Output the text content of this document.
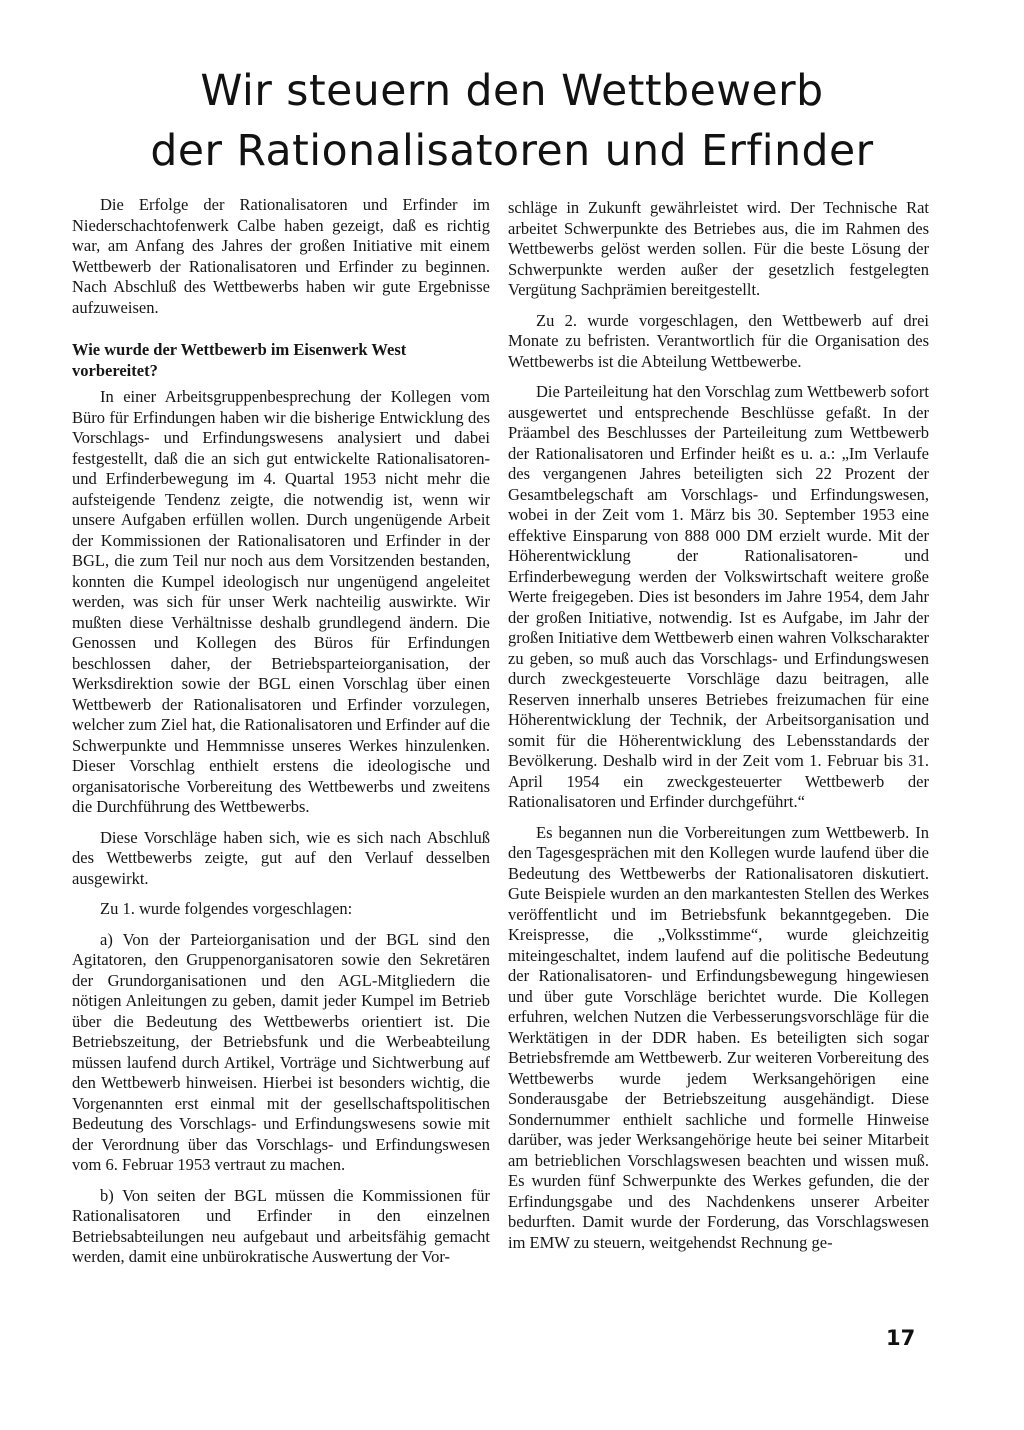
Wir steuern den Wettbewerb
der Rationalisatoren und Erfinder

Die Erfolge der Rationalisatoren und Erfinder im Niederschachtofenwerk Calbe haben gezeigt, daß es richtig war, am Anfang des Jahres der großen Initiative mit einem Wettbewerb der Rationalisatoren und Erfinder zu beginnen. Nach Abschluß des Wettbewerbs haben wir gute Ergebnisse aufzuweisen.

Wie wurde der Wettbewerb im Eisenwerk West vorbereitet?

In einer Arbeitsgruppenbesprechung der Kollegen vom Büro für Erfindungen haben wir die bisherige Entwicklung des Vorschlags- und Erfindungswesens analysiert und dabei festgestellt, daß die an sich gut entwickelte Rationalisatoren- und Erfinderbewegung im 4. Quartal 1953 nicht mehr die aufsteigende Tendenz zeigte, die notwendig ist, wenn wir unsere Aufgaben erfüllen wollen. Durch ungenügende Arbeit der Kommissionen der Rationalisatoren und Erfinder in der BGL, die zum Teil nur noch aus dem Vorsitzenden bestanden, konnten die Kumpel ideologisch nur ungenügend angeleitet werden, was sich für unser Werk nachteilig auswirkte. Wir mußten diese Verhältnisse deshalb grundlegend ändern. Die Genossen und Kollegen des Büros für Erfindungen beschlossen daher, der Betriebsparteiorganisation, der Werksdirektion sowie der BGL einen Vorschlag über einen Wettbewerb der Rationalisatoren und Erfinder vorzulegen, welcher zum Ziel hat, die Rationalisatoren und Erfinder auf die Schwerpunkte und Hemmnisse unseres Werkes hinzulenken. Dieser Vorschlag enthielt erstens die ideologische und organisatorische Vorbereitung des Wettbewerbs und zweitens die Durchführung des Wettbewerbs.

Diese Vorschläge haben sich, wie es sich nach Abschluß des Wettbewerbs zeigte, gut auf den Verlauf desselben ausgewirkt.

Zu 1. wurde folgendes vorgeschlagen:

a) Von der Parteiorganisation und der BGL sind den Agitatoren, den Gruppenorganisatoren sowie den Sekretären der Grundorganisationen und den AGL-Mitgliedern die nötigen Anleitungen zu geben, damit jeder Kumpel im Betrieb über die Bedeutung des Wettbewerbs orientiert ist. Die Betriebszeitung, der Betriebsfunk und die Werbeabteilung müssen laufend durch Artikel, Vorträge und Sichtwerbung auf den Wettbewerb hinweisen. Hierbei ist besonders wichtig, die Vorgenannten erst einmal mit der gesellschaftspolitischen Bedeutung des Vorschlags- und Erfindungswesens sowie mit der Verordnung über das Vorschlags- und Erfindungswesen vom 6. Februar 1953 vertraut zu machen.

b) Von seiten der BGL müssen die Kommissionen für Rationalisatoren und Erfinder in den einzelnen Betriebsabteilungen neu aufgebaut und arbeitsfähig gemacht werden, damit eine unbürokratische Auswertung der Vor-

schläge in Zukunft gewährleistet wird. Der Technische Rat arbeitet Schwerpunkte des Betriebes aus, die im Rahmen des Wettbewerbs gelöst werden sollen. Für die beste Lösung der Schwerpunkte werden außer der gesetzlich festgelegten Vergütung Sachprämien bereitgestellt.

Zu 2. wurde vorgeschlagen, den Wettbewerb auf drei Monate zu befristen. Verantwortlich für die Organisation des Wettbewerbs ist die Abteilung Wettbewerbe.

Die Parteileitung hat den Vorschlag zum Wettbewerb sofort ausgewertet und entsprechende Beschlüsse gefaßt. In der Präambel des Beschlusses der Parteileitung zum Wettbewerb der Rationalisatoren und Erfinder heißt es u. a.: „Im Verlaufe des vergangenen Jahres beteiligten sich 22 Prozent der Gesamtbelegschaft am Vorschlags- und Erfindungswesen, wobei in der Zeit vom 1. März bis 30. September 1953 eine effektive Einsparung von 888 000 DM erzielt wurde. Mit der Höherentwicklung der Rationalisatoren- und Erfinderbewegung werden der Volkswirtschaft weitere große Werte freigegeben. Dies ist besonders im Jahre 1954, dem Jahr der großen Initiative, notwendig. Ist es Aufgabe, im Jahr der großen Initiative dem Wettbewerb einen wahren Volkscharakter zu geben, so muß auch das Vorschlags- und Erfindungswesen durch zweckgesteuerte Vorschläge dazu beitragen, alle Reserven innerhalb unseres Betriebes freizumachen für eine Höherentwicklung der Technik, der Arbeitsorganisation und somit für die Höherentwicklung des Lebensstandards der Bevölkerung. Deshalb wird in der Zeit vom 1. Februar bis 31. April 1954 ein zweckgesteuerter Wettbewerb der Rationalisatoren und Erfinder durchgeführt.“

Es begannen nun die Vorbereitungen zum Wettbewerb. In den Tagesgesprächen mit den Kollegen wurde laufend über die Bedeutung des Wettbewerbs der Rationalisatoren diskutiert. Gute Beispiele wurden an den markantesten Stellen des Werkes veröffentlicht und im Betriebsfunk bekanntgegeben. Die Kreispresse, die „Volksstimme“, wurde gleichzeitig miteingeschaltet, indem laufend auf die politische Bedeutung der Rationalisatoren- und Erfindungsbewegung hingewiesen und über gute Vorschläge berichtet wurde. Die Kollegen erfuhren, welchen Nutzen die Verbesserungsvorschläge für die Werktätigen in der DDR haben. Es beteiligten sich sogar Betriebsfremde am Wettbewerb. Zur weiteren Vorbereitung des Wettbewerbs wurde jedem Werksangehörigen eine Sonderausgabe der Betriebszeitung ausgehändigt. Diese Sondernummer enthielt sachliche und formelle Hinweise darüber, was jeder Werksangehörige heute bei seiner Mitarbeit am betrieblichen Vorschlagswesen beachten und wissen muß. Es wurden fünf Schwerpunkte des Werkes gefunden, die der Erfindungsgabe und des Nachdenkens unserer Arbeiter bedurften. Damit wurde der Forderung, das Vorschlagswesen im EMW zu steuern, weitgehendst Rechnung ge-

17
